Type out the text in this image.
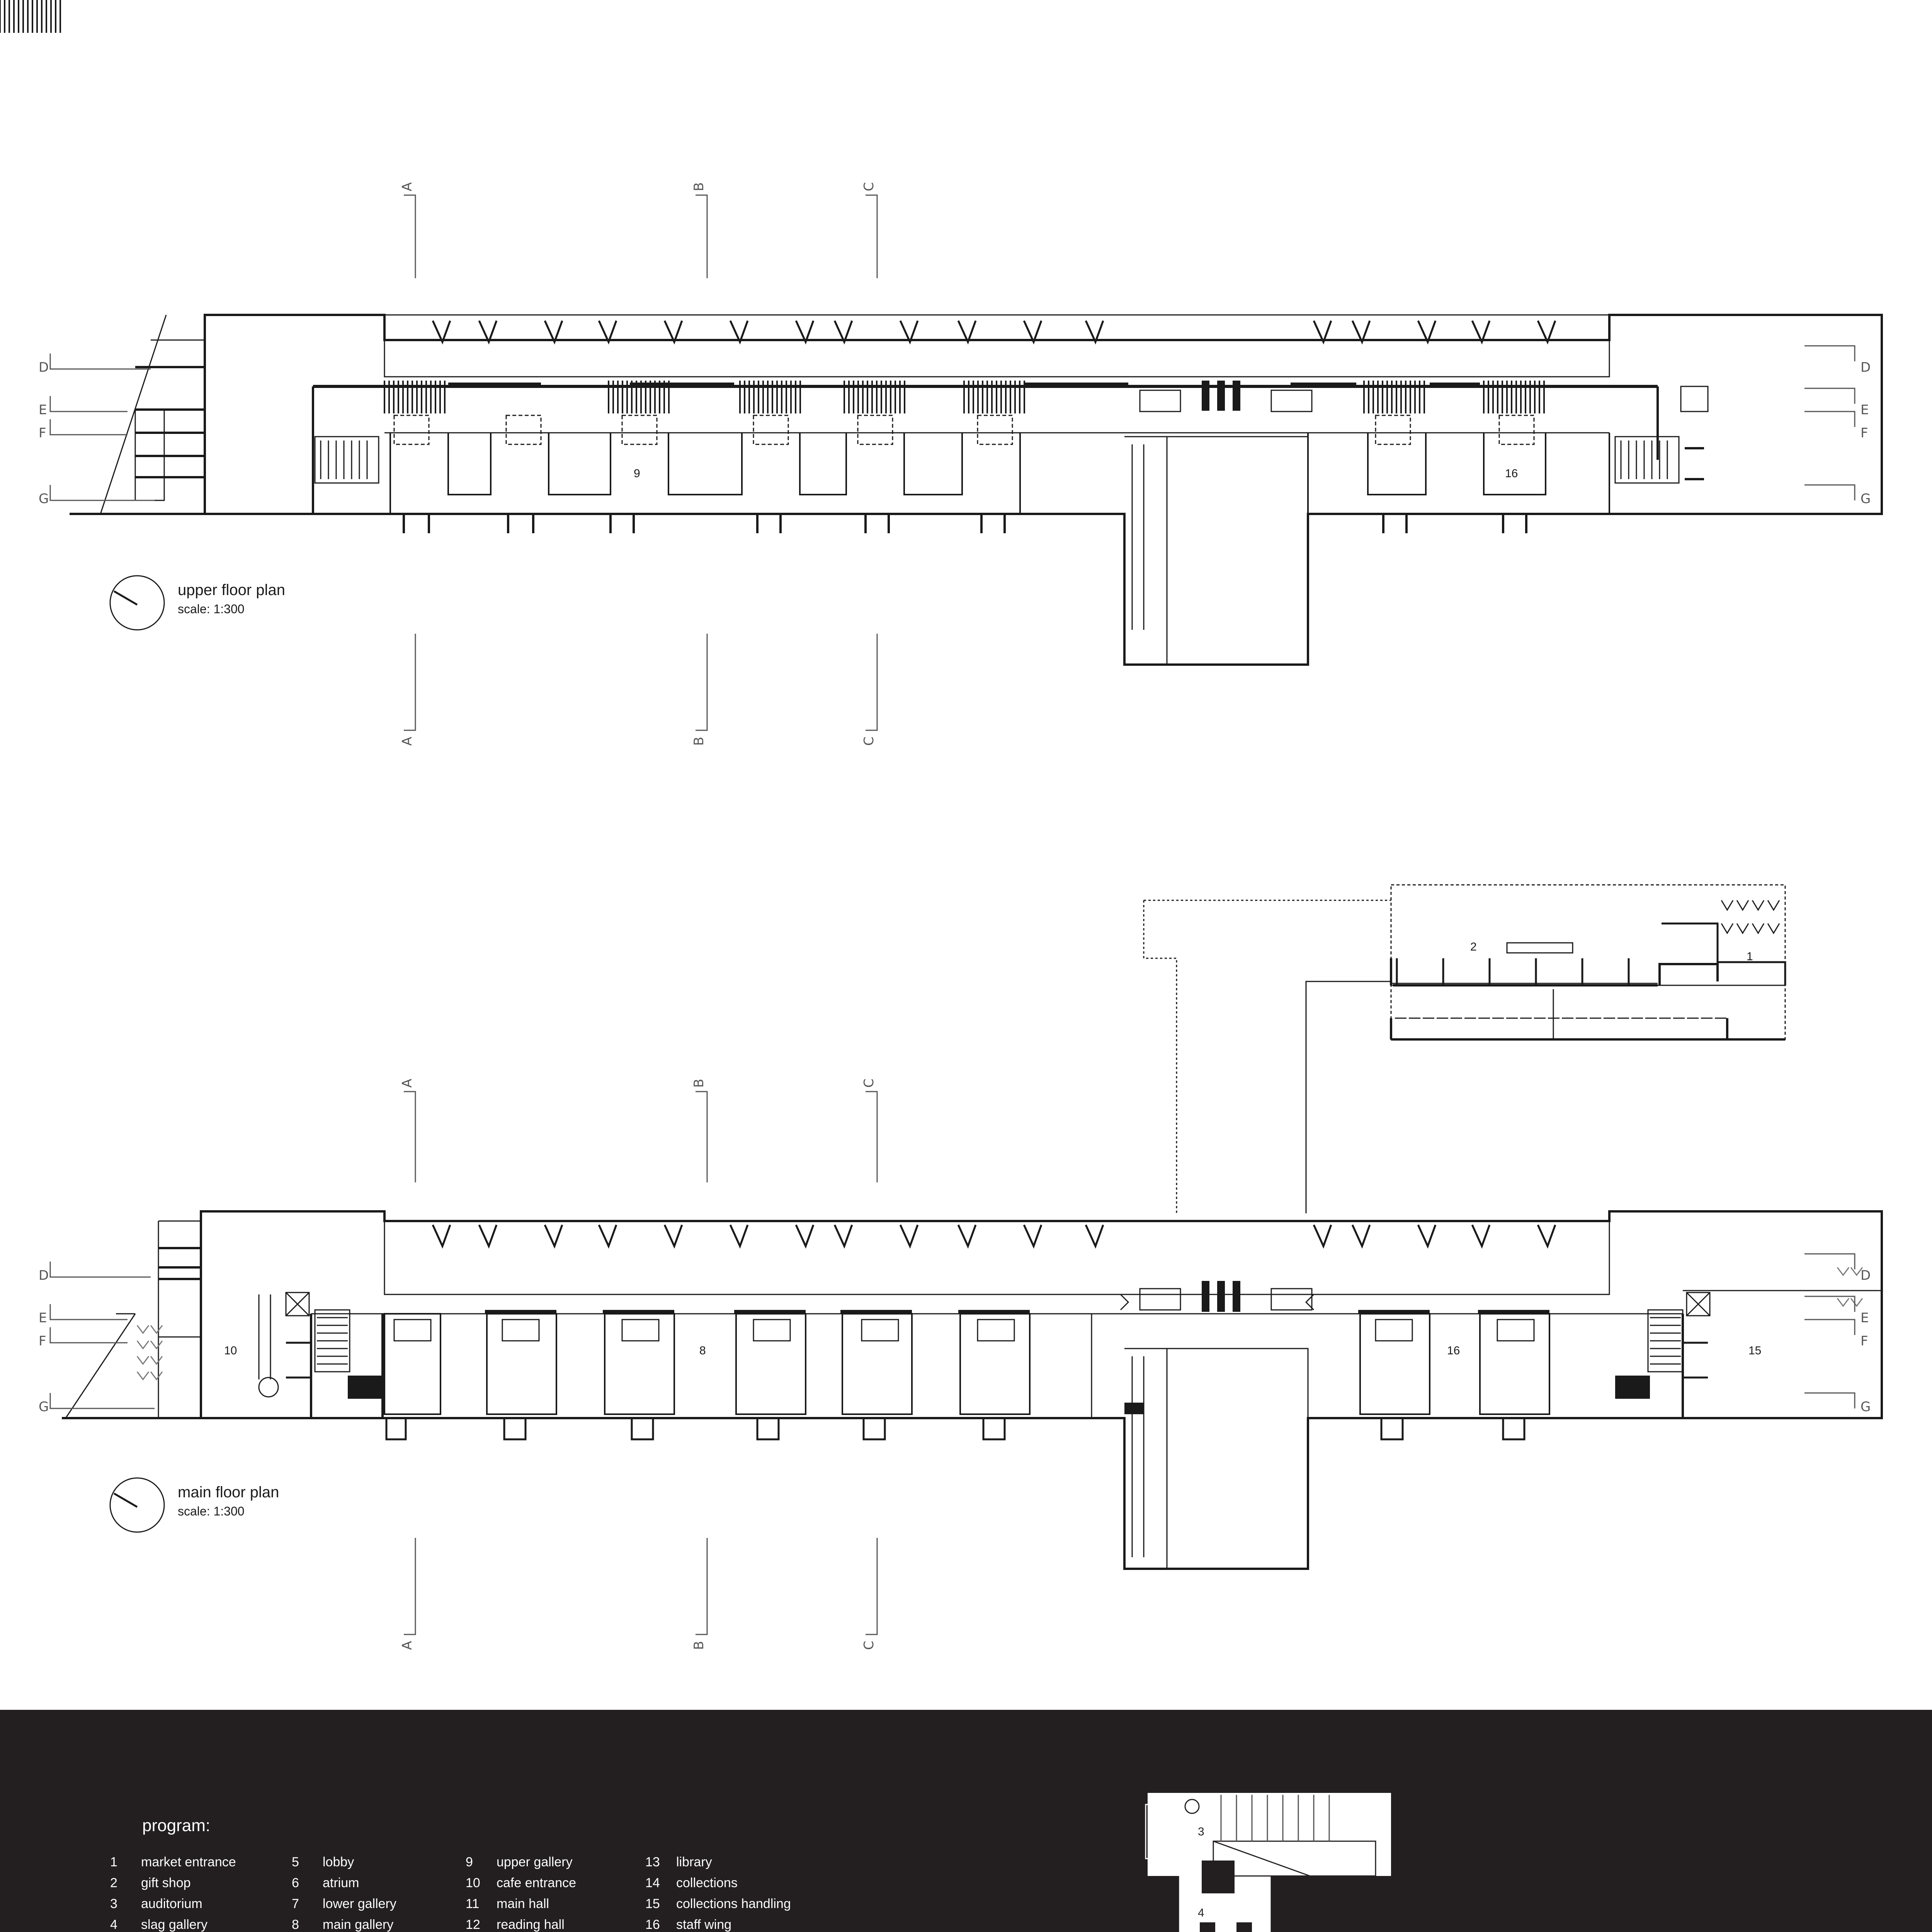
A	B	C
A	B	C
D
E
F
G
D
E
F
G
9	16
upper floor plan
scale: 1:300
A	B	C
A	B	C
D
E
F
G
D
E
F
G
1
2
8
10	15
16
main floor plan
scale: 1:300
3
4
program:
1	market entrance
2	gift shop
3	auditorium
4	slag gallery
5	lobby
6	atrium
7	lower gallery
8	main gallery
9	upper gallery
10 cafe entrance
11 main hall
12 reading hall
13 library
14 collections
15 collections handling
16 staff wing
